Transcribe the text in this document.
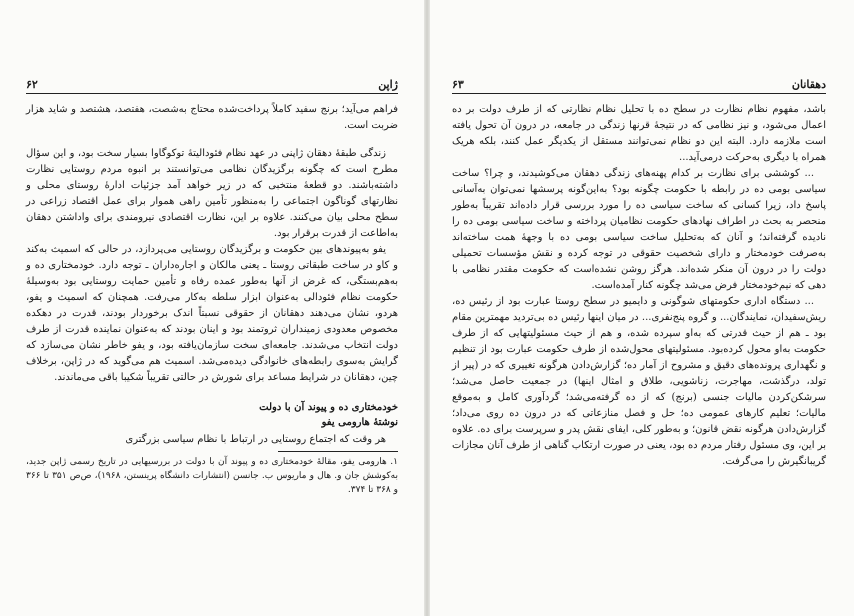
ژاپن
۶۲

فراهم می‌آید؛ برنج سفید کاملاً پرداخت‌شده محتاج به‌شصت، هفتصد، هشتصد و شاید هزار ضربت است.

زندگی طبقهٔ دهقان ژاپنی در عهد نظام فئودالیتهٔ توکوگاوا بسیار سخت بود، و این سؤال مطرح است که چگونه برگزیدگان نظامی می‌توانستند بر انبوه مردم روستایی نظارت داشته‌باشند. دو قطعهٔ منتخبی که در زیر خواهد آمد جزئیات ادارهٔ روستای محلی و نظارتهای گوناگون اجتماعی را به‌منظور تأمین راهی هموار برای عمل اقتصاد زراعی در سطح محلی بیان می‌کنند. علاوه بر این، نظارت اقتصادی نیرومندی برای واداشتن دهقان به‌اطاعت از قدرت برقرار بود.

یفو به‌پیوندهای بین حکومت و برگزیدگان روستایی می‌پردازد، در حالی که اسمیث به‌کند و کاو در ساخت طبقاتی روستا ـ یعنی مالکان و اجاره‌داران ـ توجه دارد. خودمختاری ده و به‌هم‌بستگی، که غرض از آنها به‌طور عمده رفاه و تأمین حمایت روستایی بود به‌وسیلهٔ حکومت نظام فئودالی به‌عنوان ابزار سلطه به‌کار می‌رفت. همچنان که اسمیث و یفو، هردو، نشان می‌دهند دهقانان از حقوقی نسبتاً اندک برخوردار بودند، قدرت در دهکده مخصوص معدودی زمینداران ثروتمند بود و اینان بودند که به‌عنوان نماینده قدرت از طرف دولت انتخاب می‌شدند. جامعه‌ای سخت سازمان‌یافته بود، و یفو خاطر نشان می‌سازد که گرایش به‌سوی رابطه‌های خانوادگی دیده‌می‌شد. اسمیث هم می‌گوید که در ژاپن، برخلاف چین، دهقانان در شرایط مساعد برای شورش در حالتی تقریباً شکیبا باقی می‌ماندند.

خودمختاری ده و پیوند آن با دولت

نوشتهٔ هارومی یفو

هر وقت که اجتماع روستایی در ارتباط با نظام سیاسی بزرگتری

۱. هارومی یفو، مقالهٔ خودمختاری ده و پیوند آن با دولت در بررسیهایی در تاریخ رسمی ژاپن جدید، به‌کوشش جان و. هال و ماریوس ب. جانسن (انتشارات دانشگاه پرینستن، ۱۹۶۸)، ص‌ص ۳۵۱ تا ۳۶۶ و ۳۶۸ تا ۳۷۴.

دهقانان
۶۳

باشد، مفهوم نظام نظارت در سطح ده با تحلیل نظام نظارتی که از طرف دولت بر ده اعمال می‌شود، و نیز نظامی که در نتیجهٔ قرنها زندگی در جامعه، در درون آن تحول یافته است ملازمه دارد. البته این دو نظام نمی‌توانند مستقل از یکدیگر عمل کنند، بلکه هریک همراه با دیگری به‌حرکت درمی‌آید...

... کوششی برای نظارت بر کدام پهنه‌های زندگی دهقان می‌کوشیدند، و چرا؟ ساخت سیاسی بومی ده در رابطه با حکومت چگونه بود؟ به‌این‌گونه پرسشها نمی‌توان به‌آسانی پاسخ داد، زیرا کسانی که ساخت سیاسی ده را مورد بررسی قرار داده‌اند تقریباً به‌طور منحصر به بحث در اطراف نهادهای حکومت نظامیان پرداخته و ساخت سیاسی بومی ده را نادیده گرفته‌اند؛ و آنان که به‌تحلیل ساخت سیاسی بومی ده با وجههٔ همت ساخته‌اند به‌صرفت خودمختار و دارای شخصیت حقوقی در توجه کرده و نقش مؤسسات تحمیلی دولت را در درون آن منکر شده‌اند. هرگز روشن نشده‌است که حکومت مقتدر نظامی با دهی که نیم‌خودمختار فرض می‌شد چگونه کنار آمده‌است.

... دستگاه اداری حکومتهای شوگونی و دایمیو در سطح روستا عبارت بود از رئیس ده، ریش‌سفیدان، نمایندگان... و گروه پنج‌نفری... در میان اینها رئیس ده بی‌تردید مهمترین مقام بود ـ هم از حیث قدرتی که به‌او سپرده شده، و هم از حیث مسئولیتهایی که از طرف حکومت به‌او محول کرده‌بود. مسئولیتهای محول‌شده از طرف حکومت عبارت بود از تنظیم و نگهداری پرونده‌های دقیق و مشروح از آمار ده؛ گزارش‌دادن هرگونه تغییری که در (پیر از تولد، درگذشت، مهاجرت، زناشویی، طلاق و امثال اینها) در جمعیت حاصل می‌شد؛ سرشکن‌کردن مالیات جنسی (برنج) که از ده گرفته‌می‌شد؛ گردآوری کامل و به‌موقع مالیات؛ تعلیم کارهای عمومی ده؛ حل و فصل منازعاتی که در درون ده روی می‌داد؛ گزارش‌دادن هرگونه نقض قانون؛ و به‌طور کلی، ایفای نقش پدر و سرپرست برای ده. علاوه بر این، وی مسئول رفتار مردم ده بود، یعنی در صورت ارتکاب گناهی از طرف آنان مجازات گریبانگیرش را می‌گرفت.
